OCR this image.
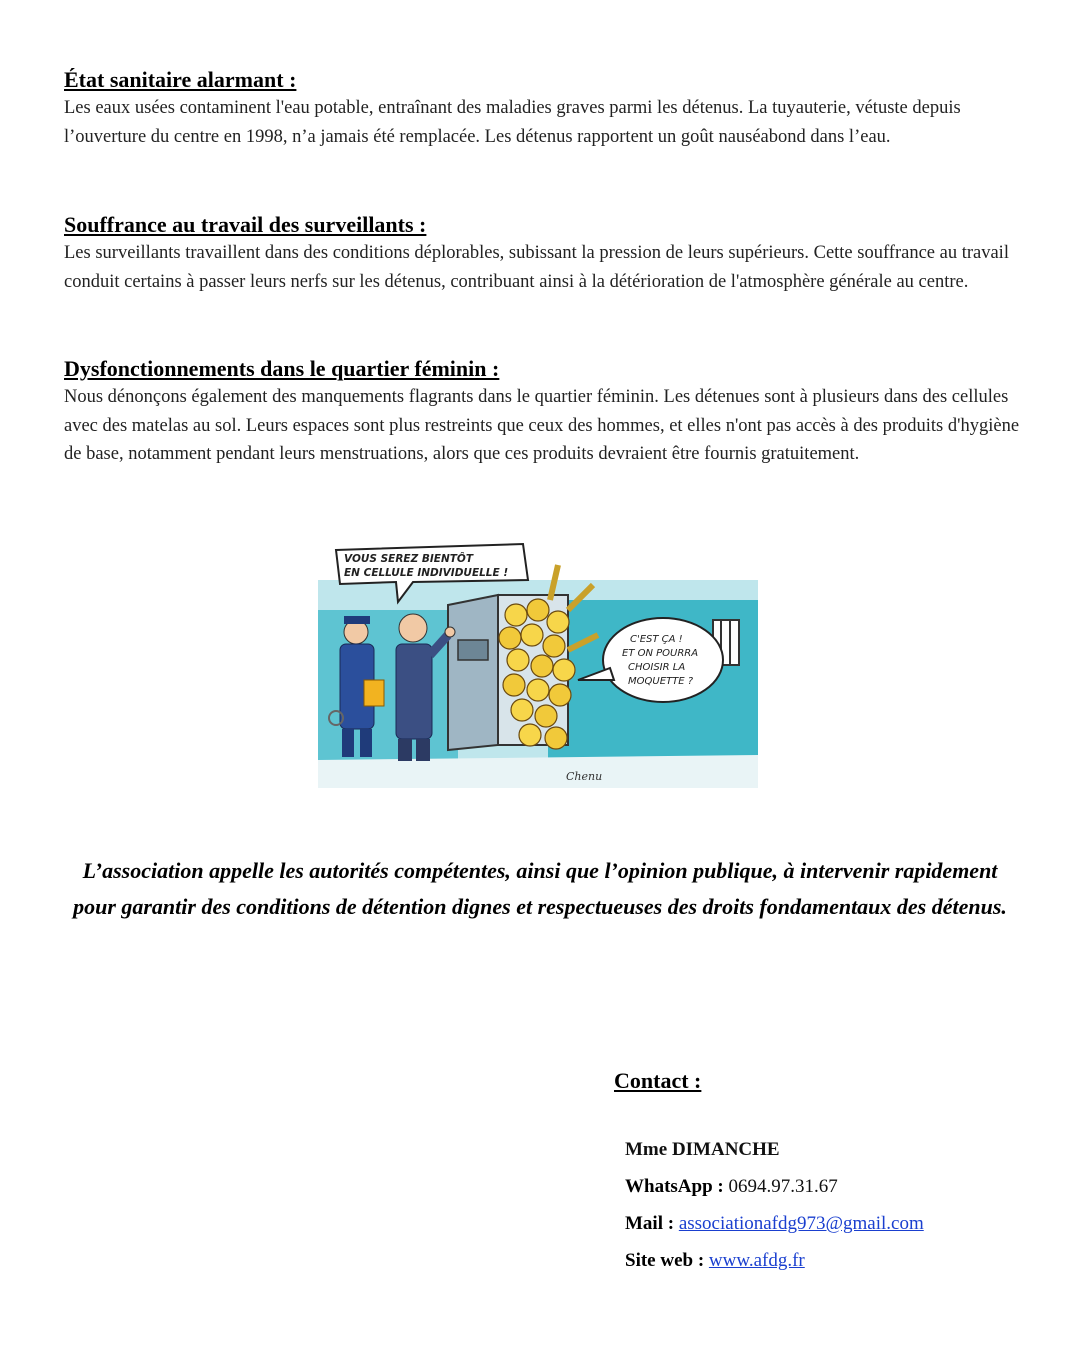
État sanitaire alarmant :

Les eaux usées contaminent l'eau potable, entraînant des maladies graves parmi les détenus. La tuyauterie, vétuste depuis l’ouverture du centre en 1998, n’a jamais été remplacée. Les détenus rapportent un goût nauséabond dans l’eau.

Souffrance au travail des surveillants :

Les surveillants travaillent dans des conditions déplorables, subissant la pression de leurs supérieurs. Cette souffrance au travail conduit certains à passer leurs nerfs sur les détenus, contribuant ainsi à la détérioration de l'atmosphère générale au centre.

Dysfonctionnements dans le quartier féminin :

Nous dénonçons également des manquements flagrants dans le quartier féminin. Les détenues sont à plusieurs dans des cellules avec des matelas au sol. Leurs espaces sont plus restreints que ceux des hommes, et elles n'ont pas accès à des produits d'hygiène de base, notamment pendant leurs menstruations, alors que ces produits devraient être fournis gratuitement.

VOUS SEREZ BIENTÔT
EN CELLULE INDIVIDUELLE !
C'EST ÇA !
ET ON POURRA
CHOISIR LA
MOQUETTE ?
Chenu

L’association appelle les autorités compétentes, ainsi que l’opinion publique, à intervenir rapidement pour garantir des conditions de détention dignes et respectueuses des droits fondamentaux des détenus.

Contact :
Mme DIMANCHE
WhatsApp : 0694.97.31.67
Mail : associationafdg973@gmail.com
Site web : www.afdg.fr
